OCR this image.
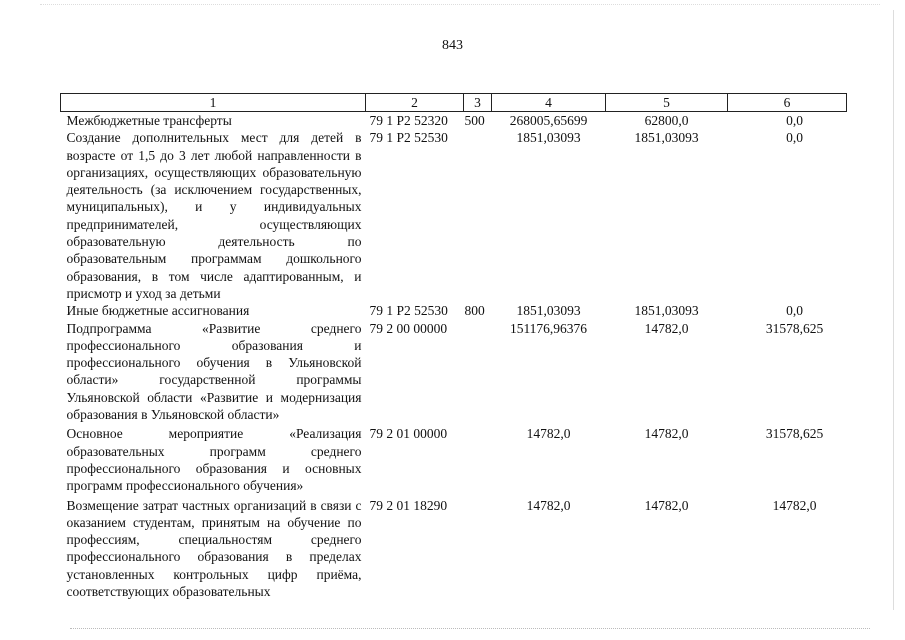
843
1	2	3	4	5	6
Межбюджетные трансферты	79 1 Р2 52320	500	268005,65699	62800,0	0,0
Создание дополнительных мест для детей в возрасте от 1,5 до 3 лет любой направленности в организациях, осуществляющих образовательную деятельность (за исключением государственных, муниципальных), и у индивидуальных предпринимателей, осуществляющих образовательную деятельность по образовательным программам дошкольного образования, в том числе адаптированным, и присмотр и уход за детьми	79 1 Р2 52530		1851,03093	1851,03093	0,0
Иные бюджетные ассигнования	79 1 Р2 52530	800	1851,03093	1851,03093	0,0
Подпрограмма «Развитие среднего профессионального образования и профессионального обучения в Ульяновской области» государственной программы Ульяновской области «Развитие и модернизация образования в Ульяновской области»	79 2 00 00000		151176,96376	14782,0	31578,625
Основное мероприятие «Реализация образовательных программ среднего профессионального образования и основных программ профессионального обучения»	79 2 01 00000		14782,0	14782,0	31578,625
Возмещение затрат частных организаций в связи с оказанием студентам, принятым на обучение по профессиям, специальностям среднего профессионального образования в пределах установленных контрольных цифр приёма, соответствующих образовательных	79 2 01 18290		14782,0	14782,0	14782,0
